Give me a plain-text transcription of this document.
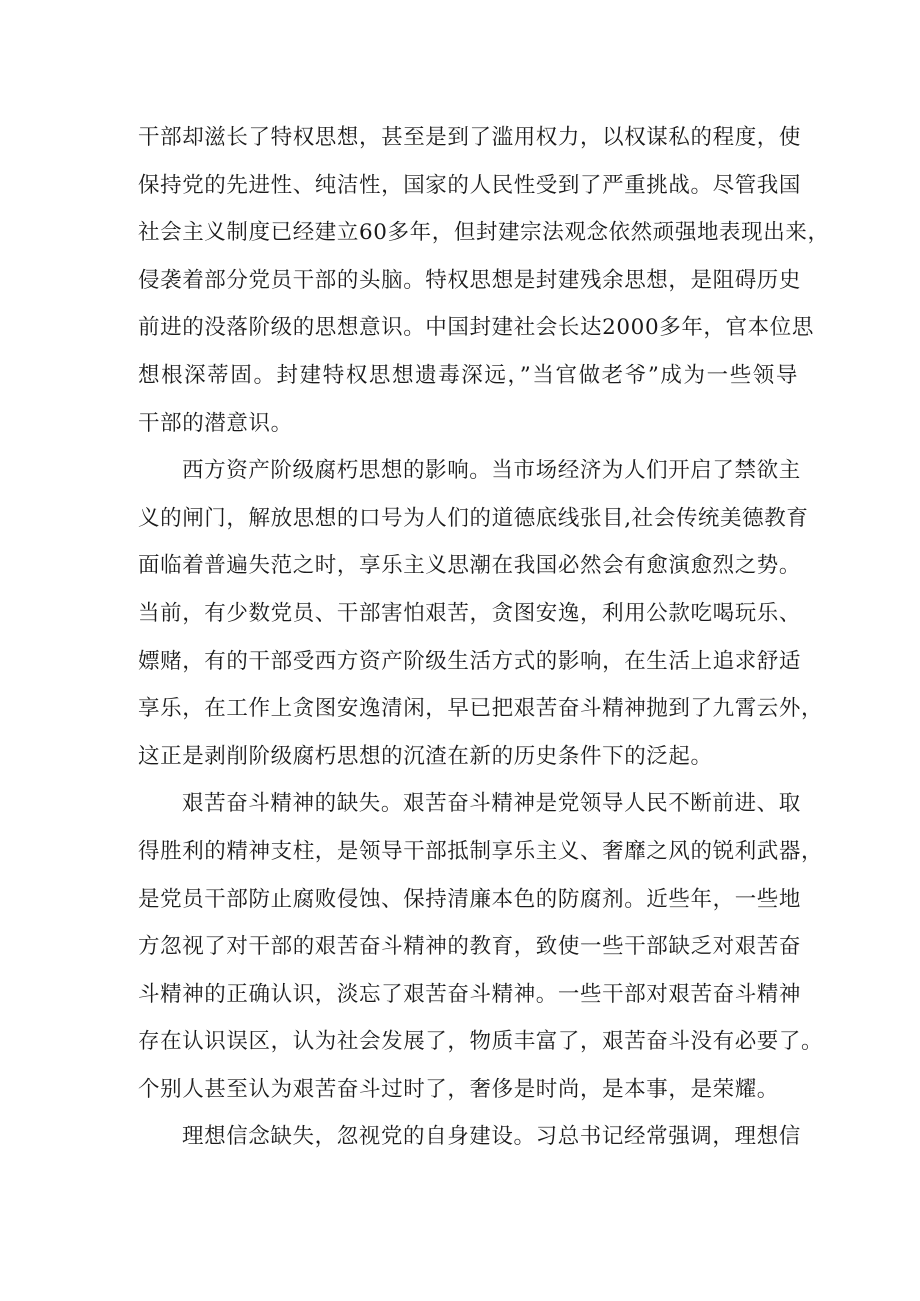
干部却滋长了特权思想，甚至是到了滥用权力，以权谋私的程度，使
保持党的先进性、纯洁性，国家的人民性受到了严重挑战。尽管我国
社会主义制度已经建立60多年，但封建宗法观念依然顽强地表现出来，
侵袭着部分党员干部的头脑。特权思想是封建残余思想，是阻碍历史
前进的没落阶级的思想意识。中国封建社会长达2000多年，官本位思
想根深蒂固。封建特权思想遗毒深远，”当官做老爷”成为一些领导
干部的潜意识。
西方资产阶级腐朽思想的影响。当市场经济为人们开启了禁欲主
义的闸门，解放思想的口号为人们的道德底线张目,社会传统美德教育
面临着普遍失范之时，享乐主义思潮在我国必然会有愈演愈烈之势。
当前，有少数党员、干部害怕艰苦，贪图安逸，利用公款吃喝玩乐、
嫖赌，有的干部受西方资产阶级生活方式的影响，在生活上追求舒适
享乐，在工作上贪图安逸清闲，早已把艰苦奋斗精神抛到了九霄云外，
这正是剥削阶级腐朽思想的沉渣在新的历史条件下的泛起。
艰苦奋斗精神的缺失。艰苦奋斗精神是党领导人民不断前进、取
得胜利的精神支柱，是领导干部抵制享乐主义、奢靡之风的锐利武器，
是党员干部防止腐败侵蚀、保持清廉本色的防腐剂。近些年，一些地
方忽视了对干部的艰苦奋斗精神的教育，致使一些干部缺乏对艰苦奋
斗精神的正确认识，淡忘了艰苦奋斗精神。一些干部对艰苦奋斗精神
存在认识误区，认为社会发展了，物质丰富了，艰苦奋斗没有必要了。
个别人甚至认为艰苦奋斗过时了，奢侈是时尚，是本事，是荣耀。
理想信念缺失，忽视党的自身建设。习总书记经常强调，理想信
